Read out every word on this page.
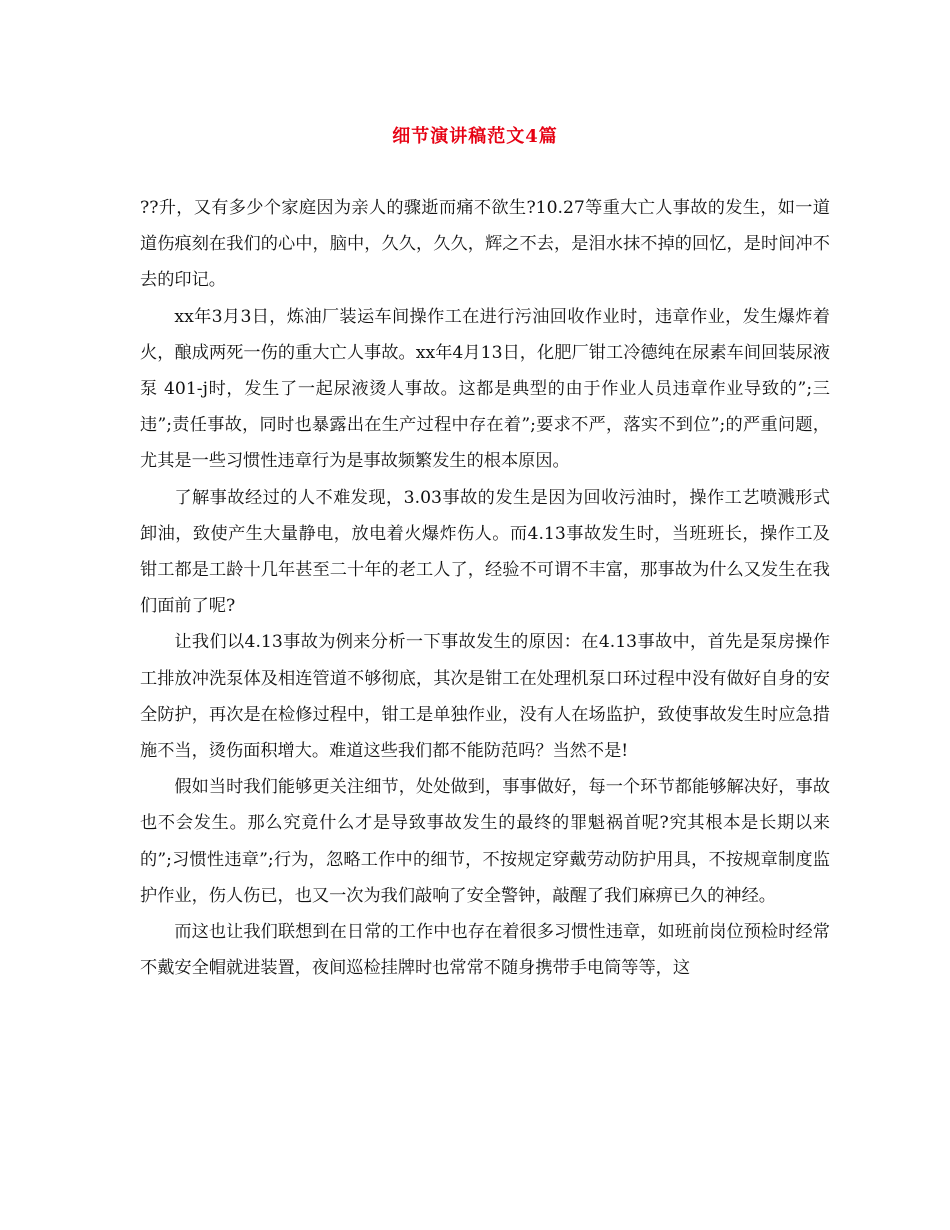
细节演讲稿范文4篇

??升，又有多少个家庭因为亲人的骤逝而痛不欲生?10.27等重大亡人事故的发生，如一道道伤痕刻在我们的心中，脑中，久久，久久，辉之不去，是泪水抹不掉的回忆，是时间冲不去的印记。

xx年3月3日，炼油厂装运车间操作工在进行污油回收作业时，违章作业，发生爆炸着火，酿成两死一伤的重大亡人事故。xx年4月13日，化肥厂钳工冷德纯在尿素车间回装尿液泵 401-j时，发生了一起尿液烫人事故。这都是典型的由于作业人员违章作业导致的”;三违”;责任事故，同时也暴露出在生产过程中存在着”;要求不严，落实不到位”;的严重问题，尤其是一些习惯性违章行为是事故频繁发生的根本原因。

了解事故经过的人不难发现，3.03事故的发生是因为回收污油时，操作工艺喷溅形式卸油，致使产生大量静电，放电着火爆炸伤人。而4.13事故发生时，当班班长，操作工及钳工都是工龄十几年甚至二十年的老工人了，经验不可谓不丰富，那事故为什么又发生在我们面前了呢?

让我们以4.13事故为例来分析一下事故发生的原因：在4.13事故中，首先是泵房操作工排放冲洗泵体及相连管道不够彻底，其次是钳工在处理机泵口环过程中没有做好自身的安全防护，再次是在检修过程中，钳工是单独作业，没有人在场监护，致使事故发生时应急措施不当，烫伤面积增大。难道这些我们都不能防范吗？当然不是!

假如当时我们能够更关注细节，处处做到，事事做好，每一个环节都能够解决好，事故也不会发生。那么究竟什么才是导致事故发生的最终的罪魁祸首呢?究其根本是长期以来的”;习惯性违章”;行为，忽略工作中的细节，不按规定穿戴劳动防护用具，不按规章制度监护作业，伤人伤已，也又一次为我们敲响了安全警钟，敲醒了我们麻痹已久的神经。

而这也让我们联想到在日常的工作中也存在着很多习惯性违章，如班前岗位预检时经常不戴安全帽就进装置，夜间巡检挂牌时也常常不随身携带手电筒等等，这
